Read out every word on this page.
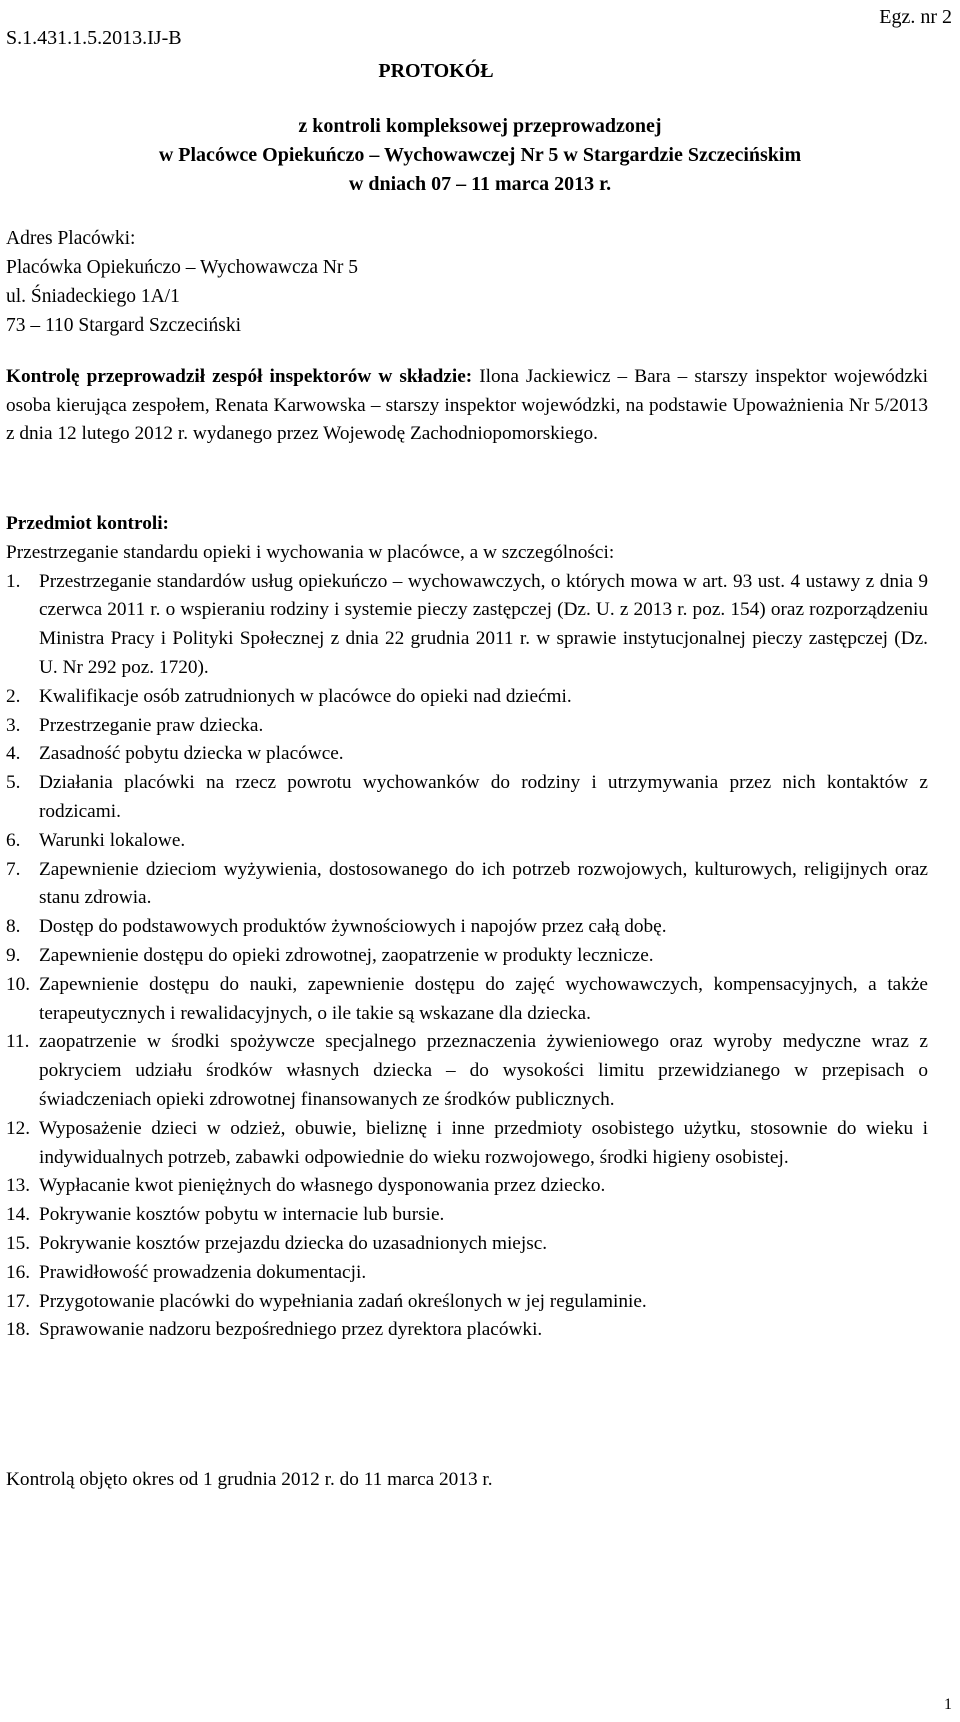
S.1.431.1.5.2013.IJ-B
Egz. nr 2
PROTOKÓŁ
z kontroli kompleksowej przeprowadzonej
w Placówce Opiekuńczo – Wychowawczej Nr 5 w Stargardzie Szczecińskim
w dniach 07 – 11 marca 2013 r.
Adres Placówki:
Placówka Opiekuńczo – Wychowawcza Nr 5
ul. Śniadeckiego 1A/1
73 – 110 Stargard Szczeciński
Kontrolę przeprowadził zespół inspektorów w składzie: Ilona Jackiewicz – Bara – starszy inspektor wojewódzki osoba kierująca zespołem, Renata Karwowska – starszy inspektor wojewódzki, na podstawie Upoważnienia Nr 5/2013 z dnia 12 lutego 2012 r. wydanego przez Wojewodę Zachodniopomorskiego.
Przedmiot kontroli:
Przestrzeganie standardu opieki i wychowania w placówce, a w szczególności:
1. Przestrzeganie standardów usług opiekuńczo – wychowawczych, o których mowa w art. 93 ust. 4 ustawy z dnia 9 czerwca 2011 r. o wspieraniu rodziny i systemie pieczy zastępczej (Dz. U. z 2013 r. poz. 154) oraz rozporządzeniu Ministra Pracy i Polityki Społecznej z dnia 22 grudnia 2011 r. w sprawie instytucjonalnej pieczy zastępczej (Dz. U. Nr 292 poz. 1720).
2. Kwalifikacje osób zatrudnionych w placówce do opieki nad dziećmi.
3. Przestrzeganie praw dziecka.
4. Zasadność pobytu dziecka w placówce.
5. Działania placówki na rzecz powrotu wychowanków do rodziny i utrzymywania przez nich kontaktów z rodzicami.
6. Warunki lokalowe.
7. Zapewnienie dzieciom wyżywienia, dostosowanego do ich potrzeb rozwojowych, kulturowych, religijnych oraz stanu zdrowia.
8. Dostęp do podstawowych produktów żywnościowych i napojów przez całą dobę.
9. Zapewnienie dostępu do opieki zdrowotnej, zaopatrzenie w produkty lecznicze.
10. Zapewnienie dostępu do nauki, zapewnienie dostępu do zajęć wychowawczych, kompensacyjnych, a także terapeutycznych i rewalidacyjnych, o ile takie są wskazane dla dziecka.
11. zaopatrzenie w środki spożywcze specjalnego przeznaczenia żywieniowego oraz wyroby medyczne wraz z pokryciem udziału środków własnych dziecka – do wysokości limitu przewidzianego w przepisach o świadczeniach opieki zdrowotnej finansowanych ze środków publicznych.
12. Wyposażenie dzieci w odzież, obuwie, bieliznę i inne przedmioty osobistego użytku, stosownie do wieku i indywidualnych potrzeb, zabawki odpowiednie do wieku rozwojowego, środki higieny osobistej.
13. Wypłacanie kwot pieniężnych do własnego dysponowania przez dziecko.
14. Pokrywanie kosztów pobytu w internacie lub bursie.
15. Pokrywanie kosztów przejazdu dziecka do uzasadnionych miejsc.
16. Prawidłowość prowadzenia dokumentacji.
17. Przygotowanie placówki do wypełniania zadań określonych w jej regulaminie.
18. Sprawowanie nadzoru bezpośredniego przez dyrektora placówki.
Kontrolą objęto okres od 1 grudnia 2012 r. do 11 marca 2013 r.
1
